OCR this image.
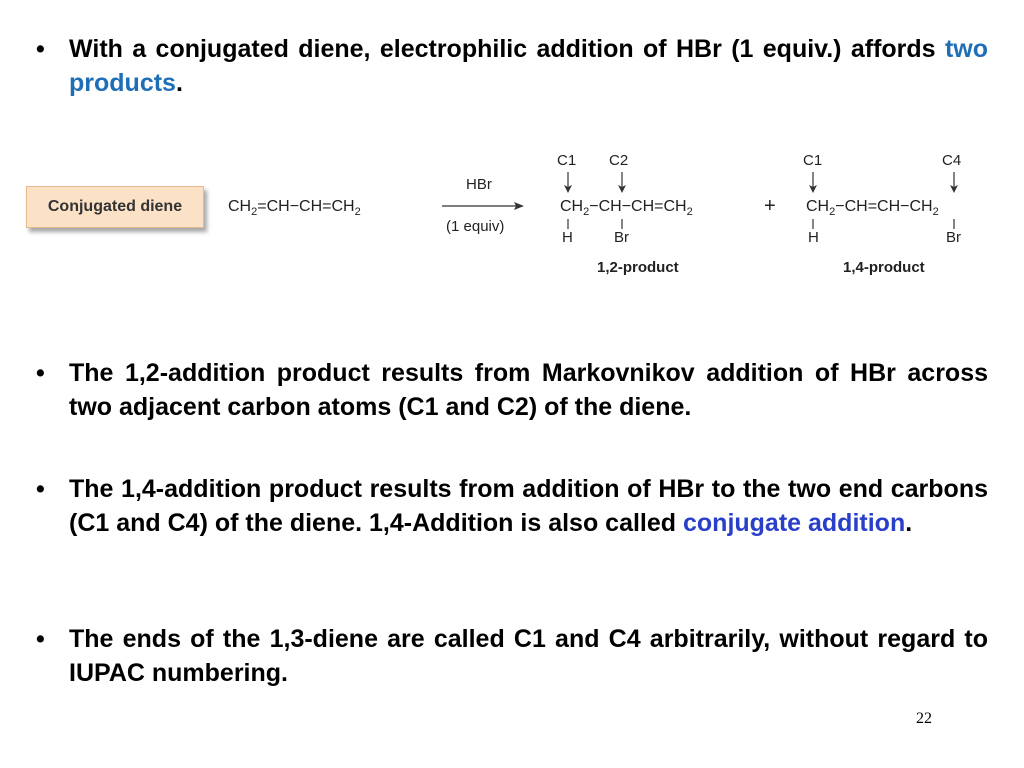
• With a conjugated diene, electrophilic addition of HBr (1 equiv.) affords two products.
Conjugated diene	$CH_2=CH-CH=CH_2$
HBr
(1 equiv)
C1 C2
$CH_2-CH-CH=CH_2$
H	Br
1,2-product
+
C1	C4
$CH_2-CH=CH-CH_2$
H	Br
1,4-product
• The 1,2-addition product results from Markovnikov addition of HBr across two adjacent carbon atoms (C1 and C2) of the diene.
• The 1,4-addition product results from addition of HBr to the two end carbons (C1 and C4) of the diene. 1,4-Addition is also called conjugate addition.
• The ends of the 1,3-diene are called C1 and C4 arbitrarily, without regard to IUPAC numbering.
22
